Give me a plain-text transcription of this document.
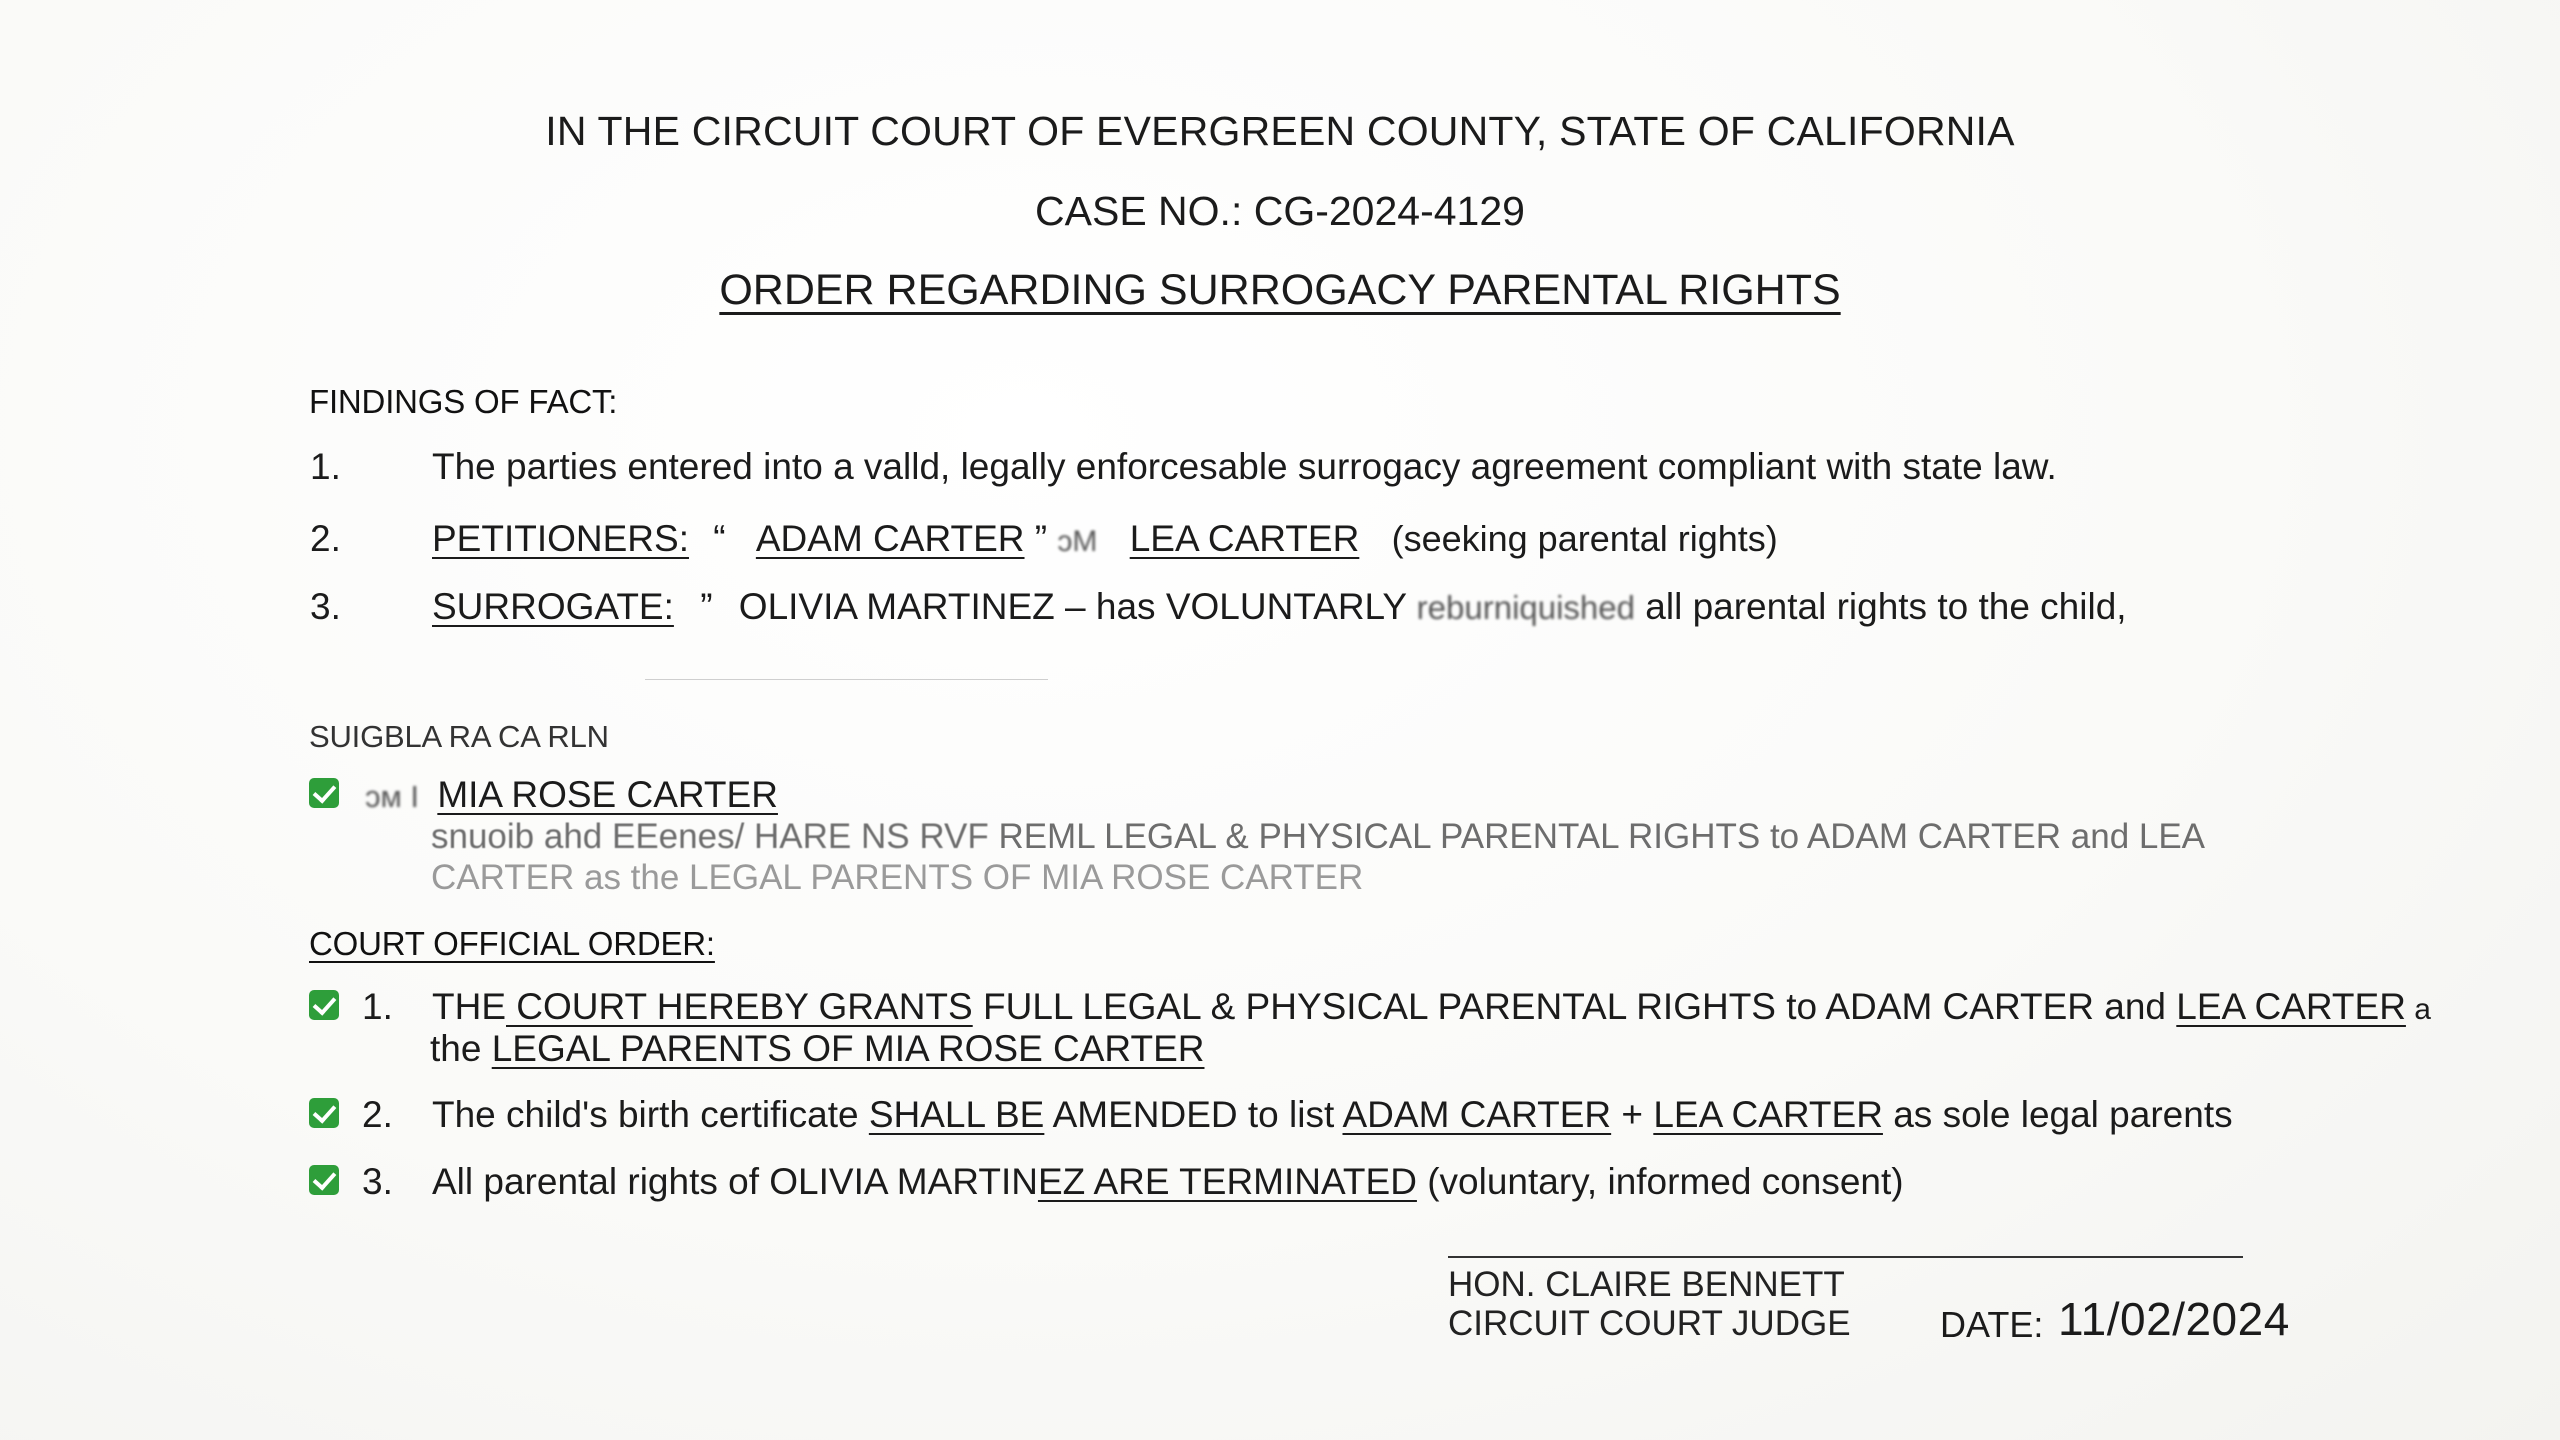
IN THE CIRCUIT COURT OF EVERGREEN COUNTY, STATE OF CALIFORNIA
CASE NO.: CG-2024-4129
ORDER REGARDING SURROGACY PARENTAL RIGHTS
FINDINGS OF FACT:
1. The parties entered into a valld, legally enforcesable surrogacy agreement compliant with state law.
2. PETITIONERS: “ ADAM CARTER ” ɔM LEA CARTER (seeking parental rights)
3. SURROGATE: ” OLIVIA MARTINEZ – has VOLUNTARLY reburniquished all parental rights to the child,
SUIGBLA RA CA RLN
ɔм I MIA ROSE CARTER
snuoib ahd EEenes/ HARE NS RVF REML LEGAL & PHYSICAL PARENTAL RIGHTS to ADAM CARTER and LEA
CARTER as the LEGAL PARENTS OF MIA ROSE CARTER
COURT OFFICIAL ORDER:
1. THE COURT HEREBY GRANTS FULL LEGAL & PHYSICAL PARENTAL RIGHTS to ADAM CARTER and LEA CARTER a
the LEGAL PARENTS OF MIA ROSE CARTER
2. The child's birth certificate SHALL BE AMENDED to list ADAM CARTER + LEA CARTER as sole legal parents
3. All parental rights of OLIVIA MARTINEZ ARE TERMINATED (voluntary, informed consent)
HON. CLAIRE BENNETT
CIRCUIT COURT JUDGE DATE: 11/02/2024
